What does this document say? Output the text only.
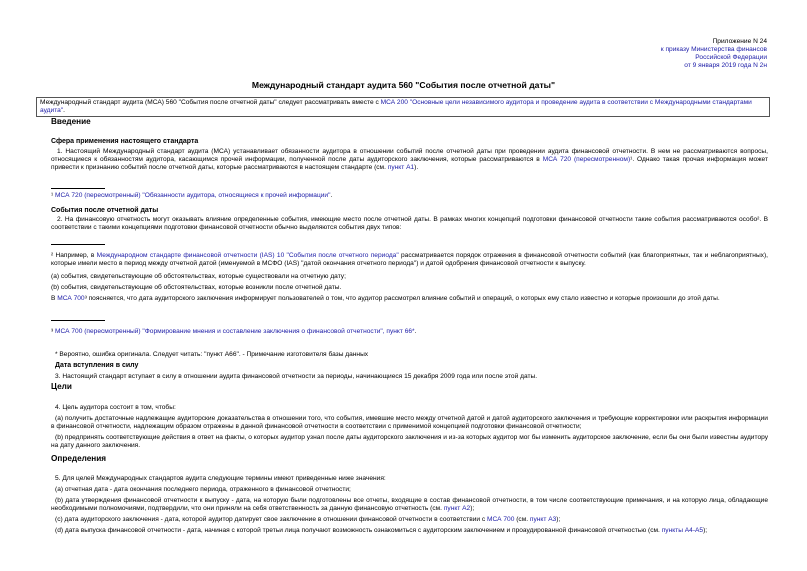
Приложение N 24
к приказу Министерства финансов
Российской Федерации
от 9 января 2019 года N 2н
Международный стандарт аудита 560 "События после отчетной даты"
Международный стандарт аудита (МСА) 560 "События после отчетной даты" следует рассматривать вместе с МСА 200 "Основные цели независимого аудитора и проведение аудита в соответствии с Международными стандартами аудита".
Введение
Сфера применения настоящего стандарта
1. Настоящий Международный стандарт аудита (МСА) устанавливает обязанности аудитора в отношении событий после отчетной даты при проведении аудита финансовой отчетности. В нем не рассматриваются вопросы, относящиеся к обязанностям аудитора, касающимся прочей информации, полученной после даты аудиторского заключения, которые рассматриваются в МСА 720 (пересмотренном)¹. Однако такая прочая информация может привести к признанию событий после отчетной даты, которые рассматриваются в настоящем стандарте (см. пункт А1).
¹ МСА 720 (пересмотренный) "Обязанности аудитора, относящиеся к прочей информации".
События после отчетной даты
2. На финансовую отчетность могут оказывать влияние определенные события, имеющие место после отчетной даты. В рамках многих концепций подготовки финансовой отчетности такие события рассматриваются особо². В соответствии с такими концепциями подготовки финансовой отчетности обычно выделяются события двух типов:
² Например, в Международном стандарте финансовой отчетности (IAS) 10 "События после отчетного периода" рассматривается порядок отражения в финансовой отчетности событий (как благоприятных, так и неблагоприятных), которые имели место в период между отчетной датой (именуемой в МСФО (IAS) "датой окончания отчетного периода") и датой одобрения финансовой отчетности к выпуску.
(a) события, свидетельствующие об обстоятельствах, которые существовали на отчетную дату;
(b) события, свидетельствующие об обстоятельствах, которые возникли после отчетной даты.
В МСА 700³ поясняется, что дата аудиторского заключения информирует пользователей о том, что аудитор рассмотрел влияние событий и операций, о которых ему стало известно и которые произошли до этой даты.
³ МСА 700 (пересмотренный) "Формирование мнения и составление заключения о финансовой отчетности", пункт 66*.
* Вероятно, ошибка оригинала. Следует читать: "пункт А66". - Примечание изготовителя базы данных
Дата вступления в силу
3. Настоящий стандарт вступает в силу в отношении аудита финансовой отчетности за периоды, начинающиеся 15 декабря 2009 года или после этой даты.
Цели
4. Цель аудитора состоит в том, чтобы:
(a) получить достаточные надлежащие аудиторские доказательства в отношении того, что события, имевшие место между отчетной датой и датой аудиторского заключения и требующие корректировки или раскрытия информации в финансовой отчетности, надлежащим образом отражены в данной финансовой отчетности в соответствии с применимой концепцией подготовки финансовой отчетности;
(b) предпринять соответствующие действия в ответ на факты, о которых аудитор узнал после даты аудиторского заключения и из-за которых аудитор мог бы изменить аудиторское заключение, если бы они были известны аудитору на дату данного заключения.
Определения
5. Для целей Международных стандартов аудита следующие термины имеют приведенные ниже значения:
(a) отчетная дата - дата окончания последнего периода, отраженного в финансовой отчетности;
(b) дата утверждения финансовой отчетности к выпуску - дата, на которую были подготовлены все отчеты, входящие в состав финансовой отчетности, в том числе соответствующие примечания, и на которую лица, обладающие необходимыми полномочиями, подтвердили, что они приняли на себя ответственность за данную финансовую отчетность (см. пункт А2);
(c) дата аудиторского заключения - дата, которой аудитор датирует свое заключение в отношении финансовой отчетности в соответствии с МСА 700 (см. пункт А3);
(d) дата выпуска финансовой отчетности - дата, начиная с которой третьи лица получают возможность ознакомиться с аудиторским заключением и проаудированной финансовой отчетностью (см. пункты А4-А5);
